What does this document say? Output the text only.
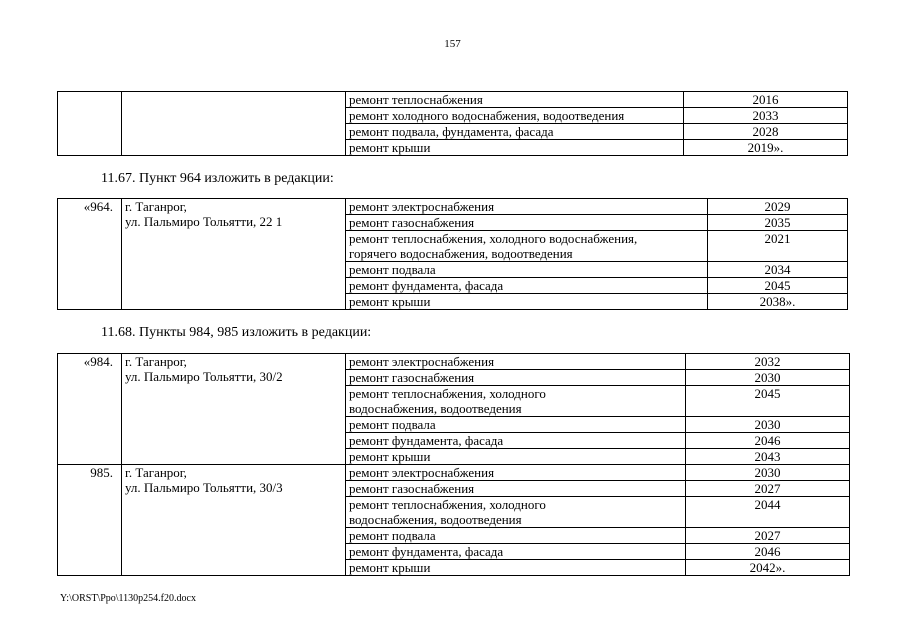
157
		ремонт теплоснабжения	2016
		ремонт холодного водоснабжения, водоотведения	2033
		ремонт подвала, фундамента, фасада	2028
		ремонт крыши	2019».
11.67. Пункт 964 изложить в редакции:
«964.	г. Таганрог,
ул. Пальмиро Тольятти, 22 1	ремонт электроснабжения	2029
		ремонт газоснабжения	2035
		ремонт теплоснабжения, холодного водоснабжения,
горячего водоснабжения, водоотведения	2021
		ремонт подвала	2034
		ремонт фундамента, фасада	2045
		ремонт крыши	2038».
11.68. Пункты 984, 985 изложить в редакции:
«984.	г. Таганрог,
ул. Пальмиро Тольятти, 30/2	ремонт электроснабжения	2032
		ремонт газоснабжения	2030
		ремонт теплоснабжения, холодного
водоснабжения, водоотведения	2045
		ремонт подвала	2030
		ремонт фундамента, фасада	2046
		ремонт крыши	2043
985.	г. Таганрог,
ул. Пальмиро Тольятти, 30/3	ремонт электроснабжения	2030
		ремонт газоснабжения	2027
		ремонт теплоснабжения, холодного
водоснабжения, водоотведения	2044
		ремонт подвала	2027
		ремонт фундамента, фасада	2046
		ремонт крыши	2042».
Y:\ORST\Ppo\1130p254.f20.docx
